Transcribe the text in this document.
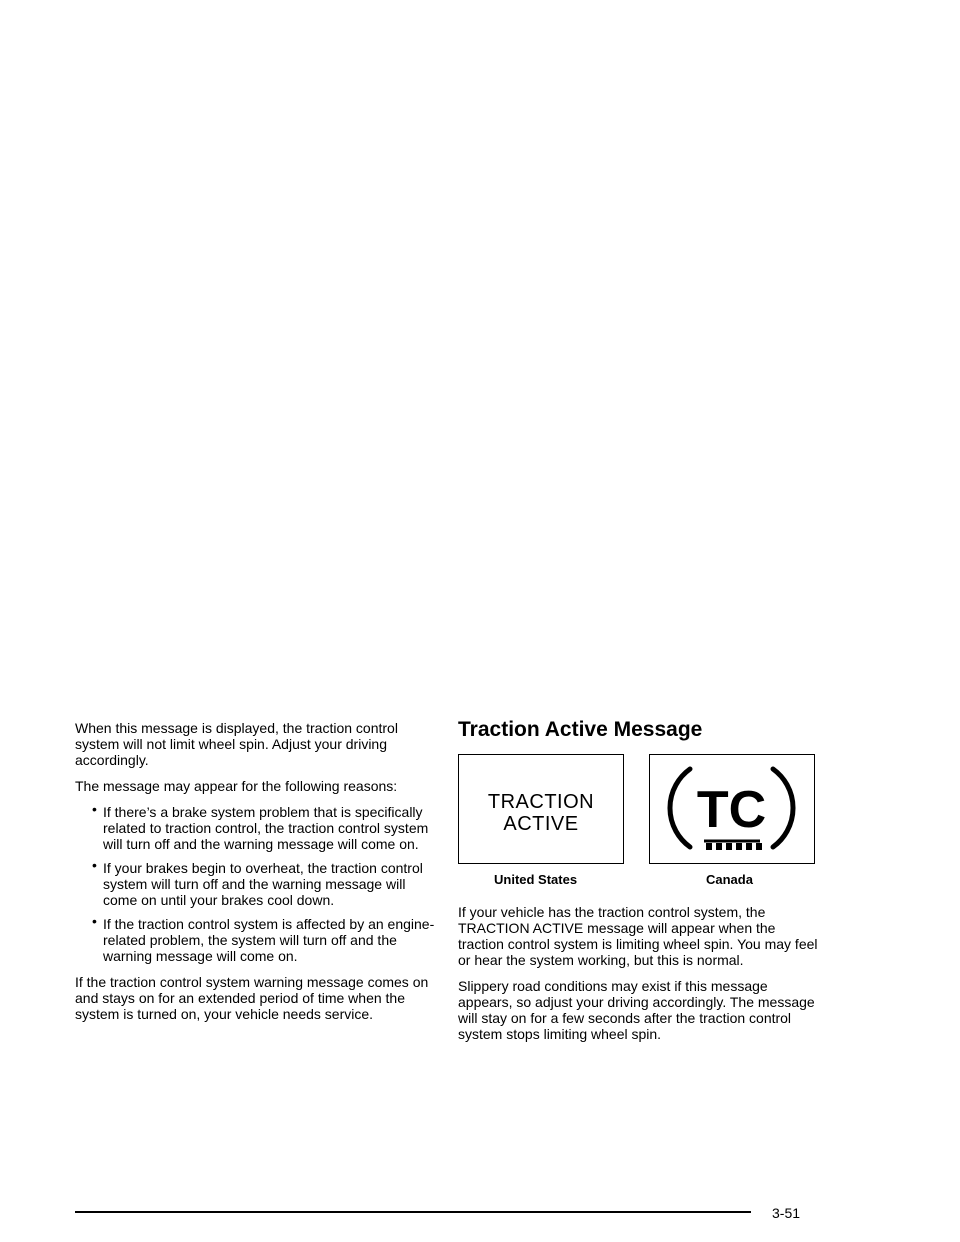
When this message is displayed, the traction control system will not limit wheel spin. Adjust your driving accordingly.

The message may appear for the following reasons:

• If there’s a brake system problem that is specifically related to traction control, the traction control system will turn off and the warning message will come on.
• If your brakes begin to overheat, the traction control system will turn off and the warning message will come on until your brakes cool down.
• If the traction control system is affected by an engine-related problem, the system will turn off and the warning message will come on.

If the traction control system warning message comes on and stays on for an extended period of time when the system is turned on, your vehicle needs service.

Traction Active Message
TRACTION
ACTIVE	TC
United States	Canada

If your vehicle has the traction control system, the TRACTION ACTIVE message will appear when the traction control system is limiting wheel spin. You may feel or hear the system working, but this is normal.

Slippery road conditions may exist if this message appears, so adjust your driving accordingly. The message will stay on for a few seconds after the traction control system stops limiting wheel spin.

3-51
